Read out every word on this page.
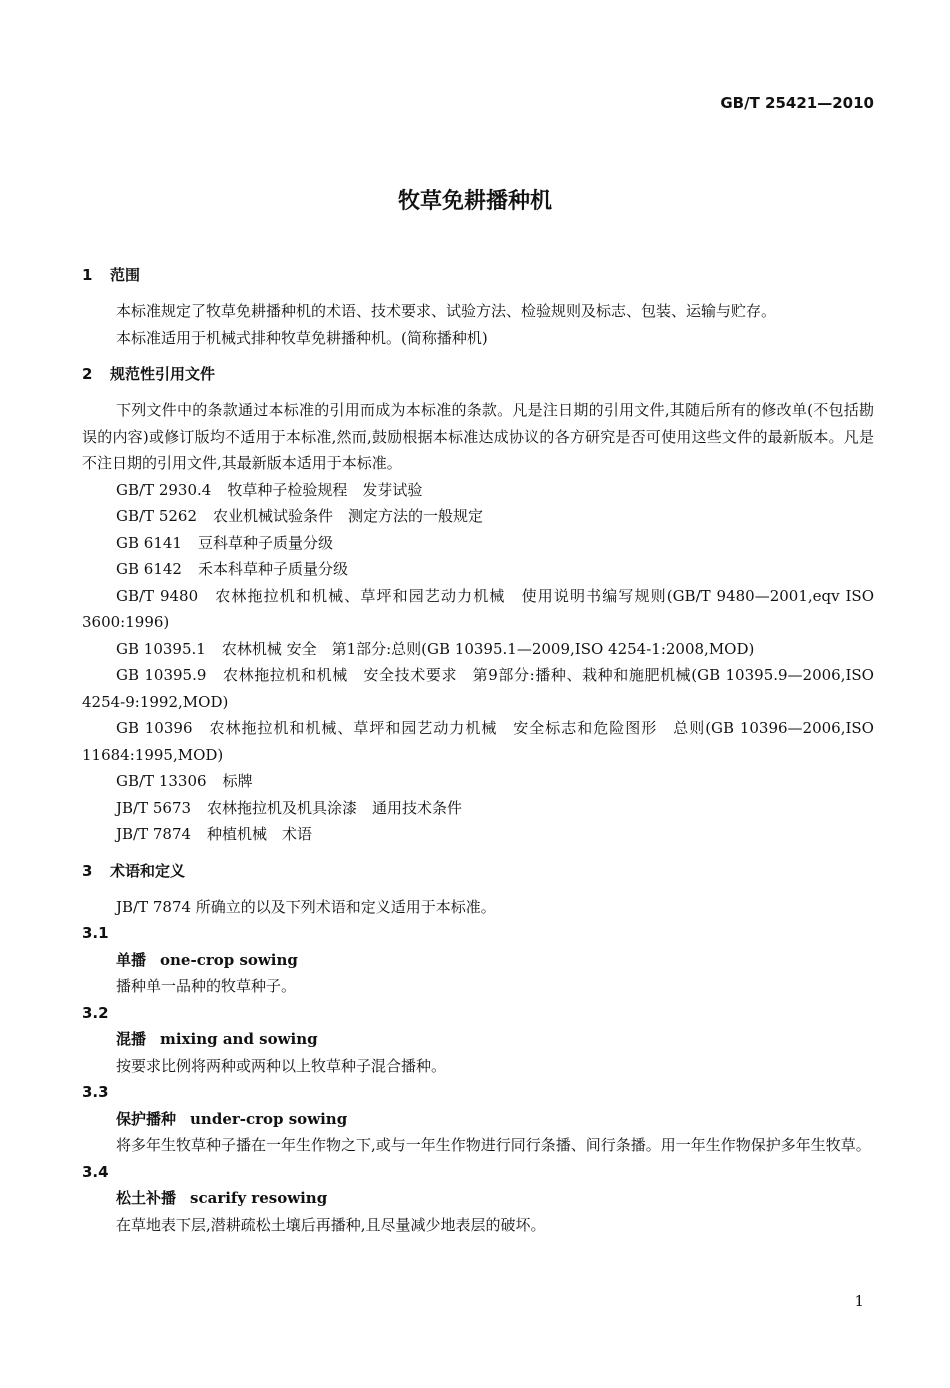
GB/T 25421—2010
牧草免耕播种机
1 范围
本标准规定了牧草免耕播种机的术语、技术要求、试验方法、检验规则及标志、包装、运输与贮存。
本标准适用于机械式排种牧草免耕播种机。(简称播种机)
2 规范性引用文件
下列文件中的条款通过本标准的引用而成为本标准的条款。凡是注日期的引用文件,其随后所有的修改单(不包括勘误的内容)或修订版均不适用于本标准,然而,鼓励根据本标准达成协议的各方研究是否可使用这些文件的最新版本。凡是不注日期的引用文件,其最新版本适用于本标准。
GB/T 2930.4 牧草种子检验规程　发芽试验
GB/T 5262 农业机械试验条件　测定方法的一般规定
GB 6141 豆科草种子质量分级
GB 6142 禾本科草种子质量分级
GB/T 9480 农林拖拉机和机械、草坪和园艺动力机械　使用说明书编写规则(GB/T 9480—2001,eqv ISO 3600:1996)
GB 10395.1 农林机械 安全　第1部分:总则(GB 10395.1—2009,ISO 4254-1:2008,MOD)
GB 10395.9 农林拖拉机和机械　安全技术要求　第9部分:播种、栽种和施肥机械(GB 10395.9—2006,ISO 4254-9:1992,MOD)
GB 10396 农林拖拉机和机械、草坪和园艺动力机械　安全标志和危险图形　总则(GB 10396—2006,ISO 11684:1995,MOD)
GB/T 13306 标牌
JB/T 5673 农林拖拉机及机具涂漆　通用技术条件
JB/T 7874 种植机械　术语
3 术语和定义
JB/T 7874 所确立的以及下列术语和定义适用于本标准。
3.1
单播 one-crop sowing
播种单一品种的牧草种子。
3.2
混播 mixing and sowing
按要求比例将两种或两种以上牧草种子混合播种。
3.3
保护播种 under-crop sowing
将多年生牧草种子播在一年生作物之下,或与一年生作物进行同行条播、间行条播。用一年生作物保护多年生牧草。
3.4
松土补播 scarify resowing
在草地表下层,潜耕疏松土壤后再播种,且尽量减少地表层的破坏。
1
